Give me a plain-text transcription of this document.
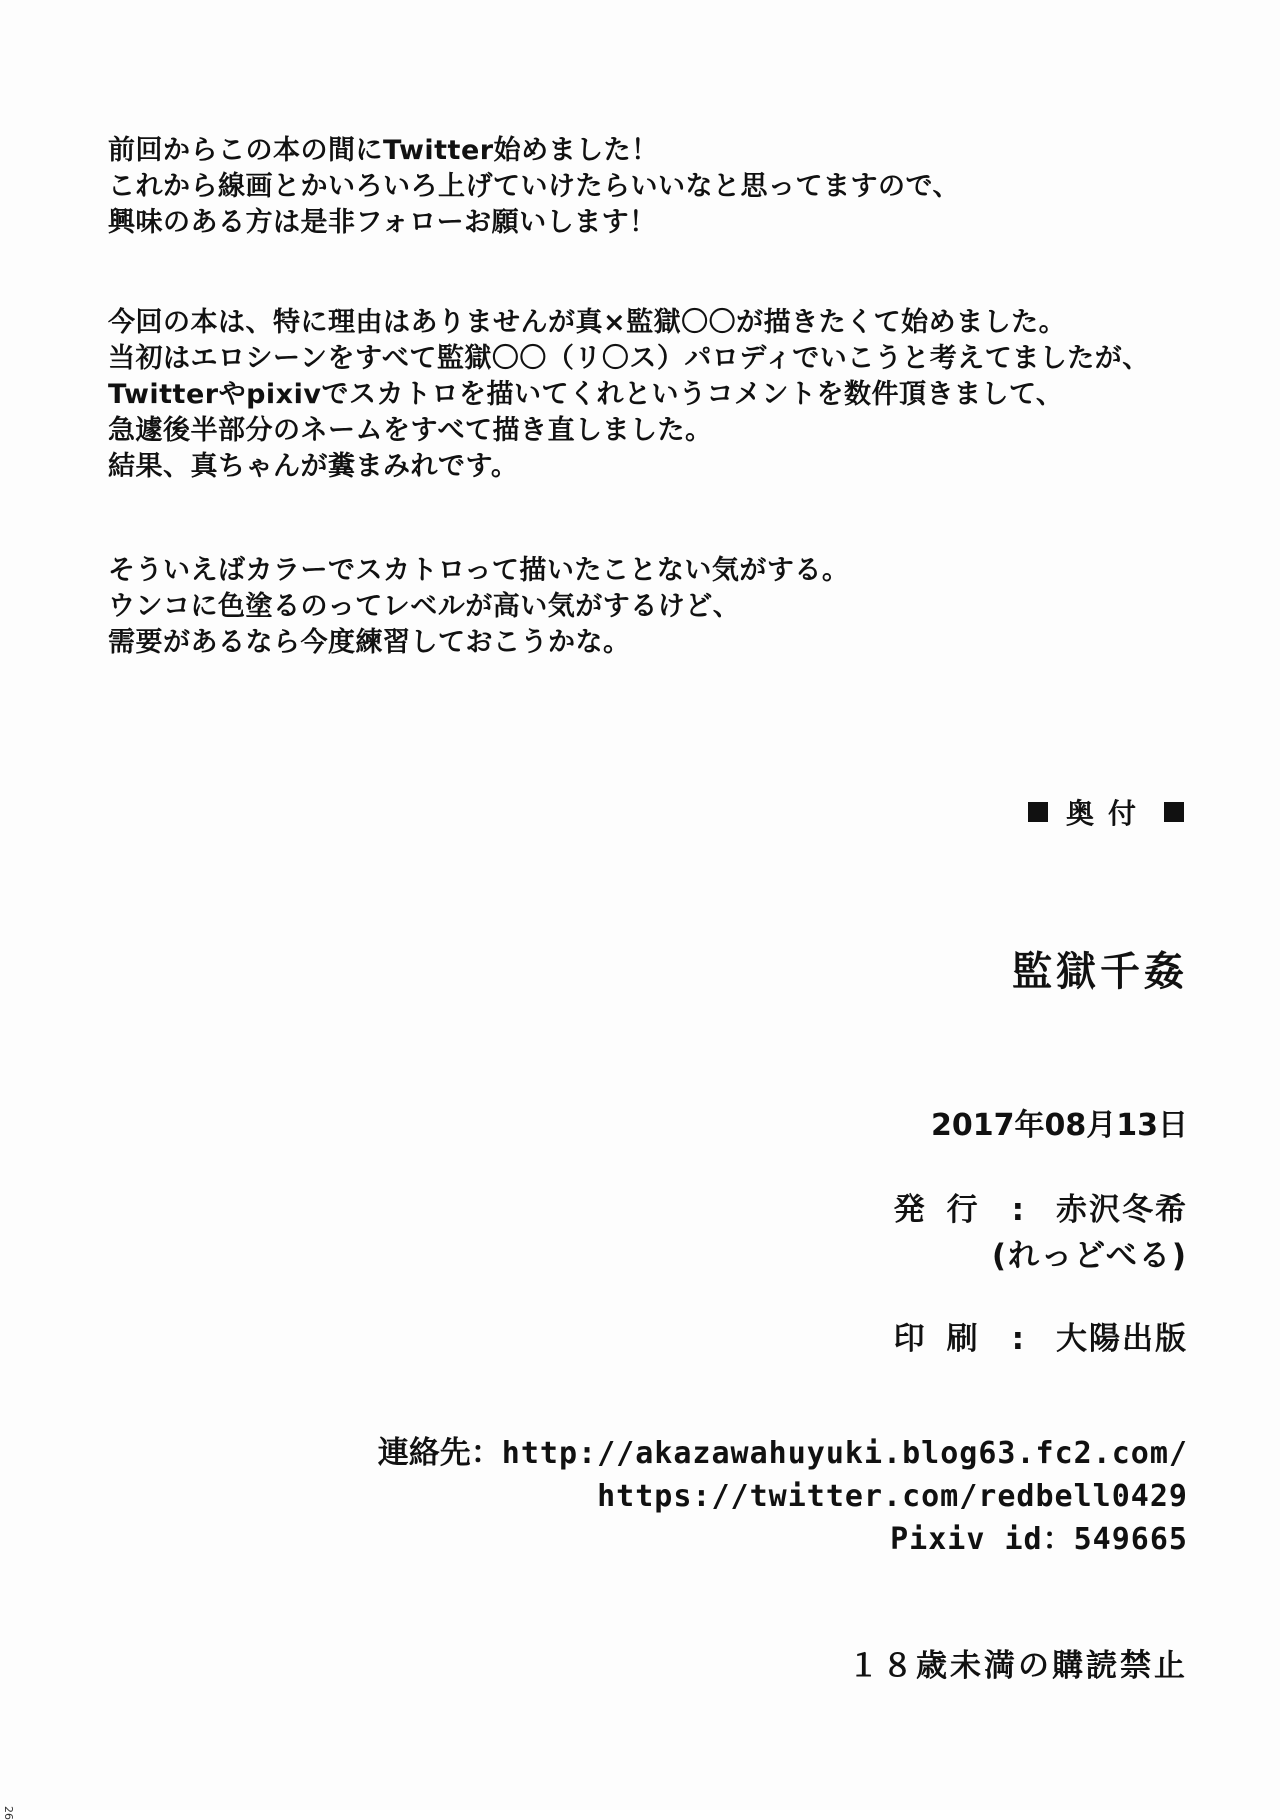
前回からこの本の間にTwitter始めました！
これから線画とかいろいろ上げていけたらいいなと思ってますので、
興味のある方は是非フォローお願いします！

今回の本は、特に理由はありませんが真×監獄〇〇が描きたくて始めました。
当初はエロシーンをすべて監獄〇〇（リ〇ス）パロディでいこうと考えてましたが、
Twitterやpixivでスカトロを描いてくれというコメントを数件頂きまして、
急遽後半部分のネームをすべて描き直しました。
結果、真ちゃんが糞まみれです。

そういえばカラーでスカトロって描いたことない気がする。
ウンコに色塗るのってレベルが高い気がするけど、
需要があるなら今度練習しておこうかな。

奥付
監獄千姦
2017年08月13日
発行 : 赤沢冬希
(れっどべる)
印刷 : 大陽出版
連絡先：http://akazawahuyuki.blog63.fc2.com/
https://twitter.com/redbell0429
Pixiv id：549665
１８歳未満の購読禁止
26
